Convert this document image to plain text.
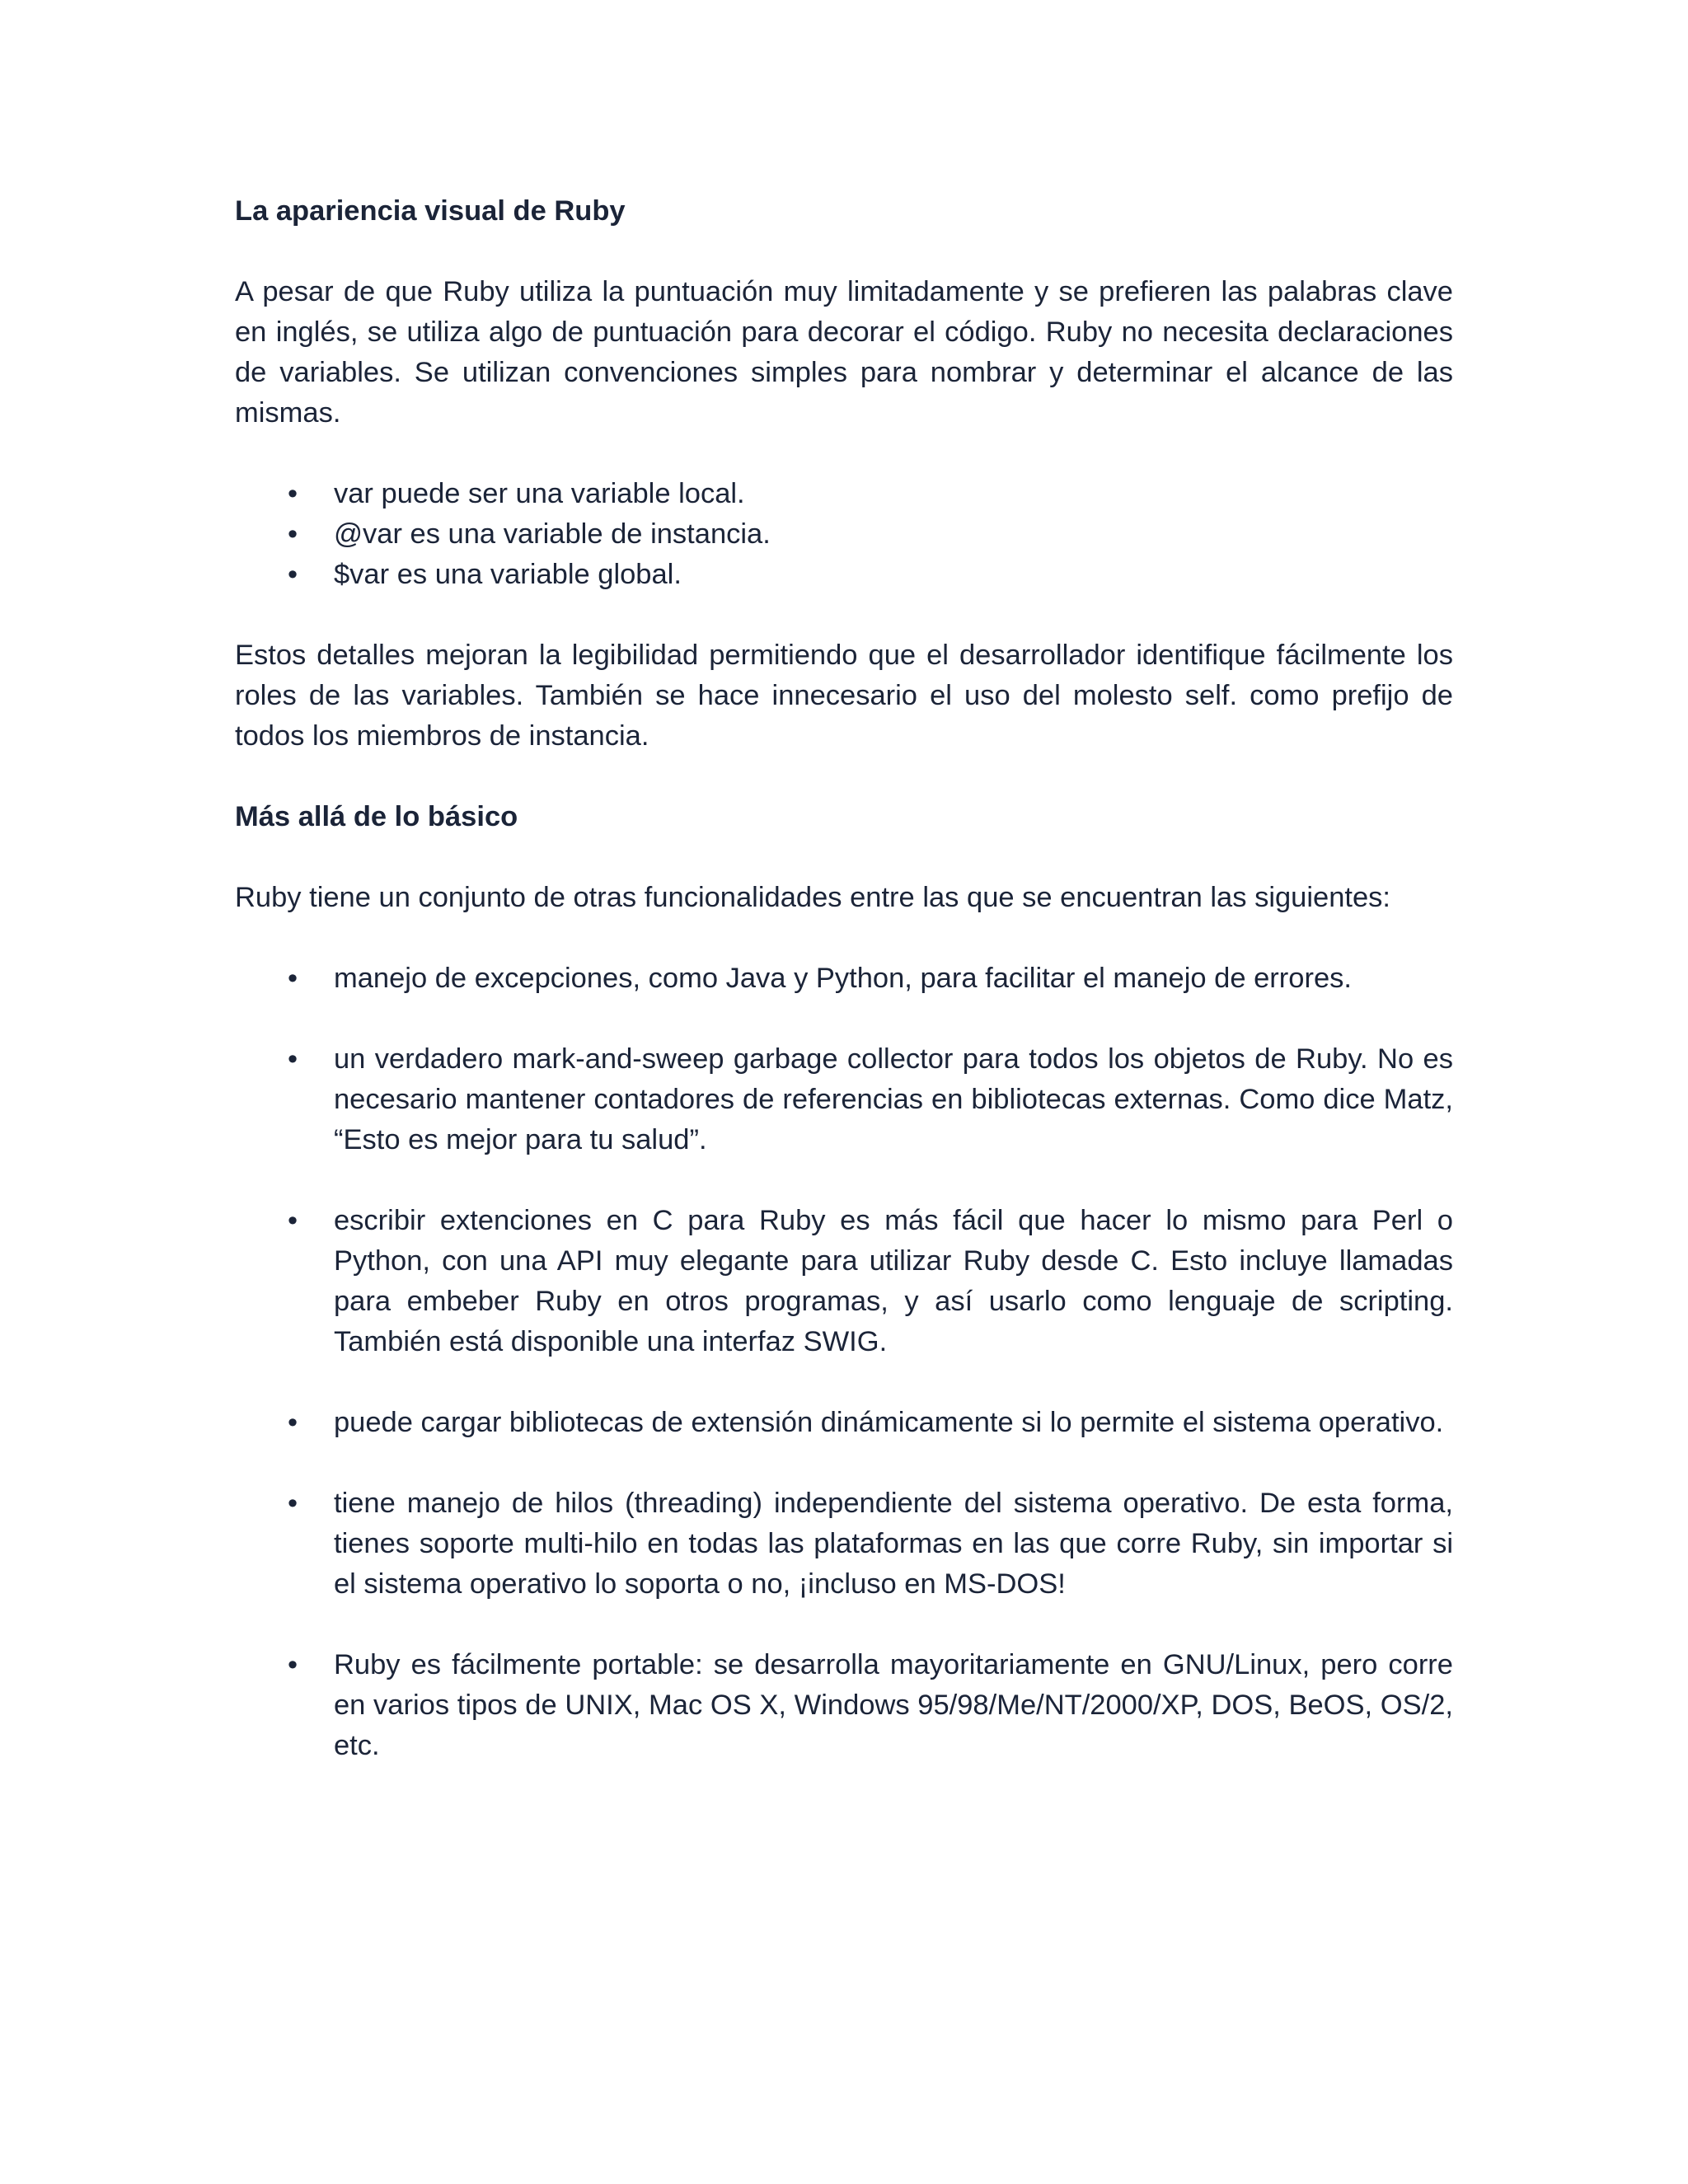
La apariencia visual de Ruby

A pesar de que Ruby utiliza la puntuación muy limitadamente y se prefieren las palabras clave en inglés, se utiliza algo de puntuación para decorar el código. Ruby no necesita declaraciones de variables. Se utilizan convenciones simples para nombrar y determinar el alcance de las mismas.

• var puede ser una variable local.
• @var es una variable de instancia.
• $var es una variable global.

Estos detalles mejoran la legibilidad permitiendo que el desarrollador identifique fácilmente los roles de las variables. También se hace innecesario el uso del molesto self. como prefijo de todos los miembros de instancia.

Más allá de lo básico

Ruby tiene un conjunto de otras funcionalidades entre las que se encuentran las siguientes:

• manejo de excepciones, como Java y Python, para facilitar el manejo de errores.
• un verdadero mark-and-sweep garbage collector para todos los objetos de Ruby. No es necesario mantener contadores de referencias en bibliotecas externas. Como dice Matz, “Esto es mejor para tu salud”.
• escribir extenciones en C para Ruby es más fácil que hacer lo mismo para Perl o Python, con una API muy elegante para utilizar Ruby desde C. Esto incluye llamadas para embeber Ruby en otros programas, y así usarlo como lenguaje de scripting. También está disponible una interfaz SWIG.
• puede cargar bibliotecas de extensión dinámicamente si lo permite el sistema operativo.
• tiene manejo de hilos (threading) independiente del sistema operativo. De esta forma, tienes soporte multi-hilo en todas las plataformas en las que corre Ruby, sin importar si el sistema operativo lo soporta o no, ¡incluso en MS-DOS!
• Ruby es fácilmente portable: se desarrolla mayoritariamente en GNU/Linux, pero corre en varios tipos de UNIX, Mac OS X, Windows 95/98/Me/NT/2000/XP, DOS, BeOS, OS/2, etc.
